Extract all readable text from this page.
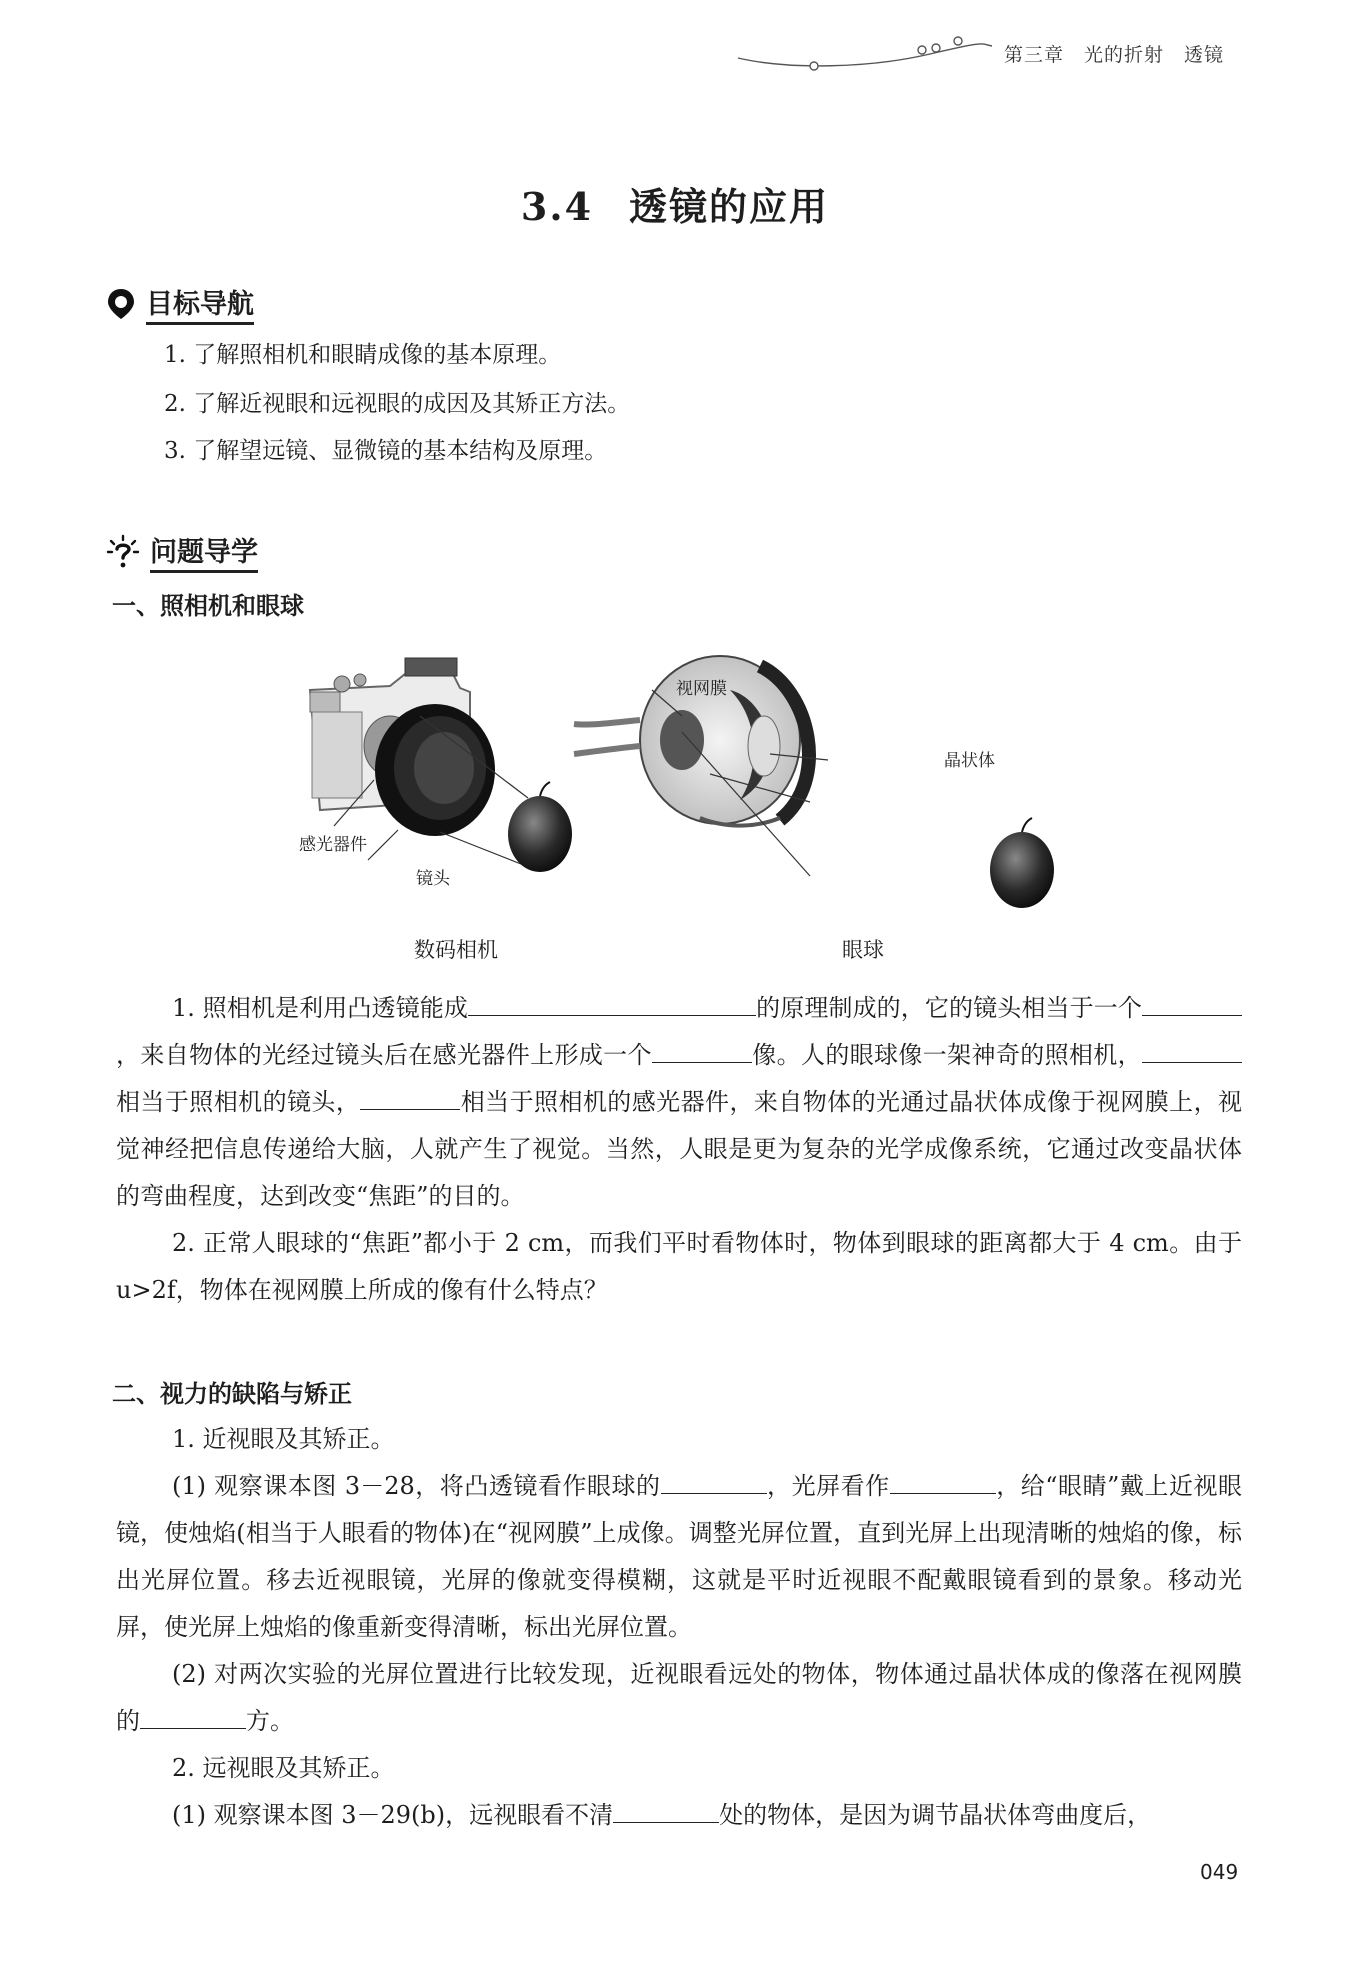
第三章　光的折射　透镜
3.4 透镜的应用
目标导航
1. 了解照相机和眼睛成像的基本原理。
2. 了解近视眼和远视眼的成因及其矫正方法。
3. 了解望远镜、显微镜的基本结构及原理。
问题导学
一、照相机和眼球
感光器件
镜头
视网膜
晶状体
数码相机	眼球

1. 照相机是利用凸透镜能成	的原理制成的，它的镜头相当于一个，来自物体的光经过镜头后在感光器件上形成一个	像。人的眼球像一架神奇的照相机，相当于照相机的镜头，	相当于照相机的感光器件，来自物体的光通过晶状体成像于视网膜上，视觉神经把信息传递给大脑，人就产生了视觉。当然，人眼是更为复杂的光学成像系统，它通过改变晶状体的弯曲程度，达到改变“焦距”的目的。

2. 正常人眼球的“焦距”都小于 2 cm，而我们平时看物体时，物体到眼球的距离都大于 4 cm。由于 u>2f，物体在视网膜上所成的像有什么特点？

二、视力的缺陷与矫正

1. 近视眼及其矫正。

(1) 观察课本图 3－28，将凸透镜看作眼球的	，光屏看作	，给“眼睛”戴上近视眼镜，使烛焰(相当于人眼看的物体)在“视网膜”上成像。调整光屏位置，直到光屏上出现清晰的烛焰的像，标出光屏位置。移去近视眼镜，光屏的像就变得模糊，这就是平时近视眼不配戴眼镜看到的景象。移动光屏，使光屏上烛焰的像重新变得清晰，标出光屏位置。

(2) 对两次实验的光屏位置进行比较发现，近视眼看远处的物体，物体通过晶状体成的像落在视网膜的	方。

2. 远视眼及其矫正。

(1) 观察课本图 3－29(b)，远视眼看不清	处的物体，是因为调节晶状体弯曲度后，

049
